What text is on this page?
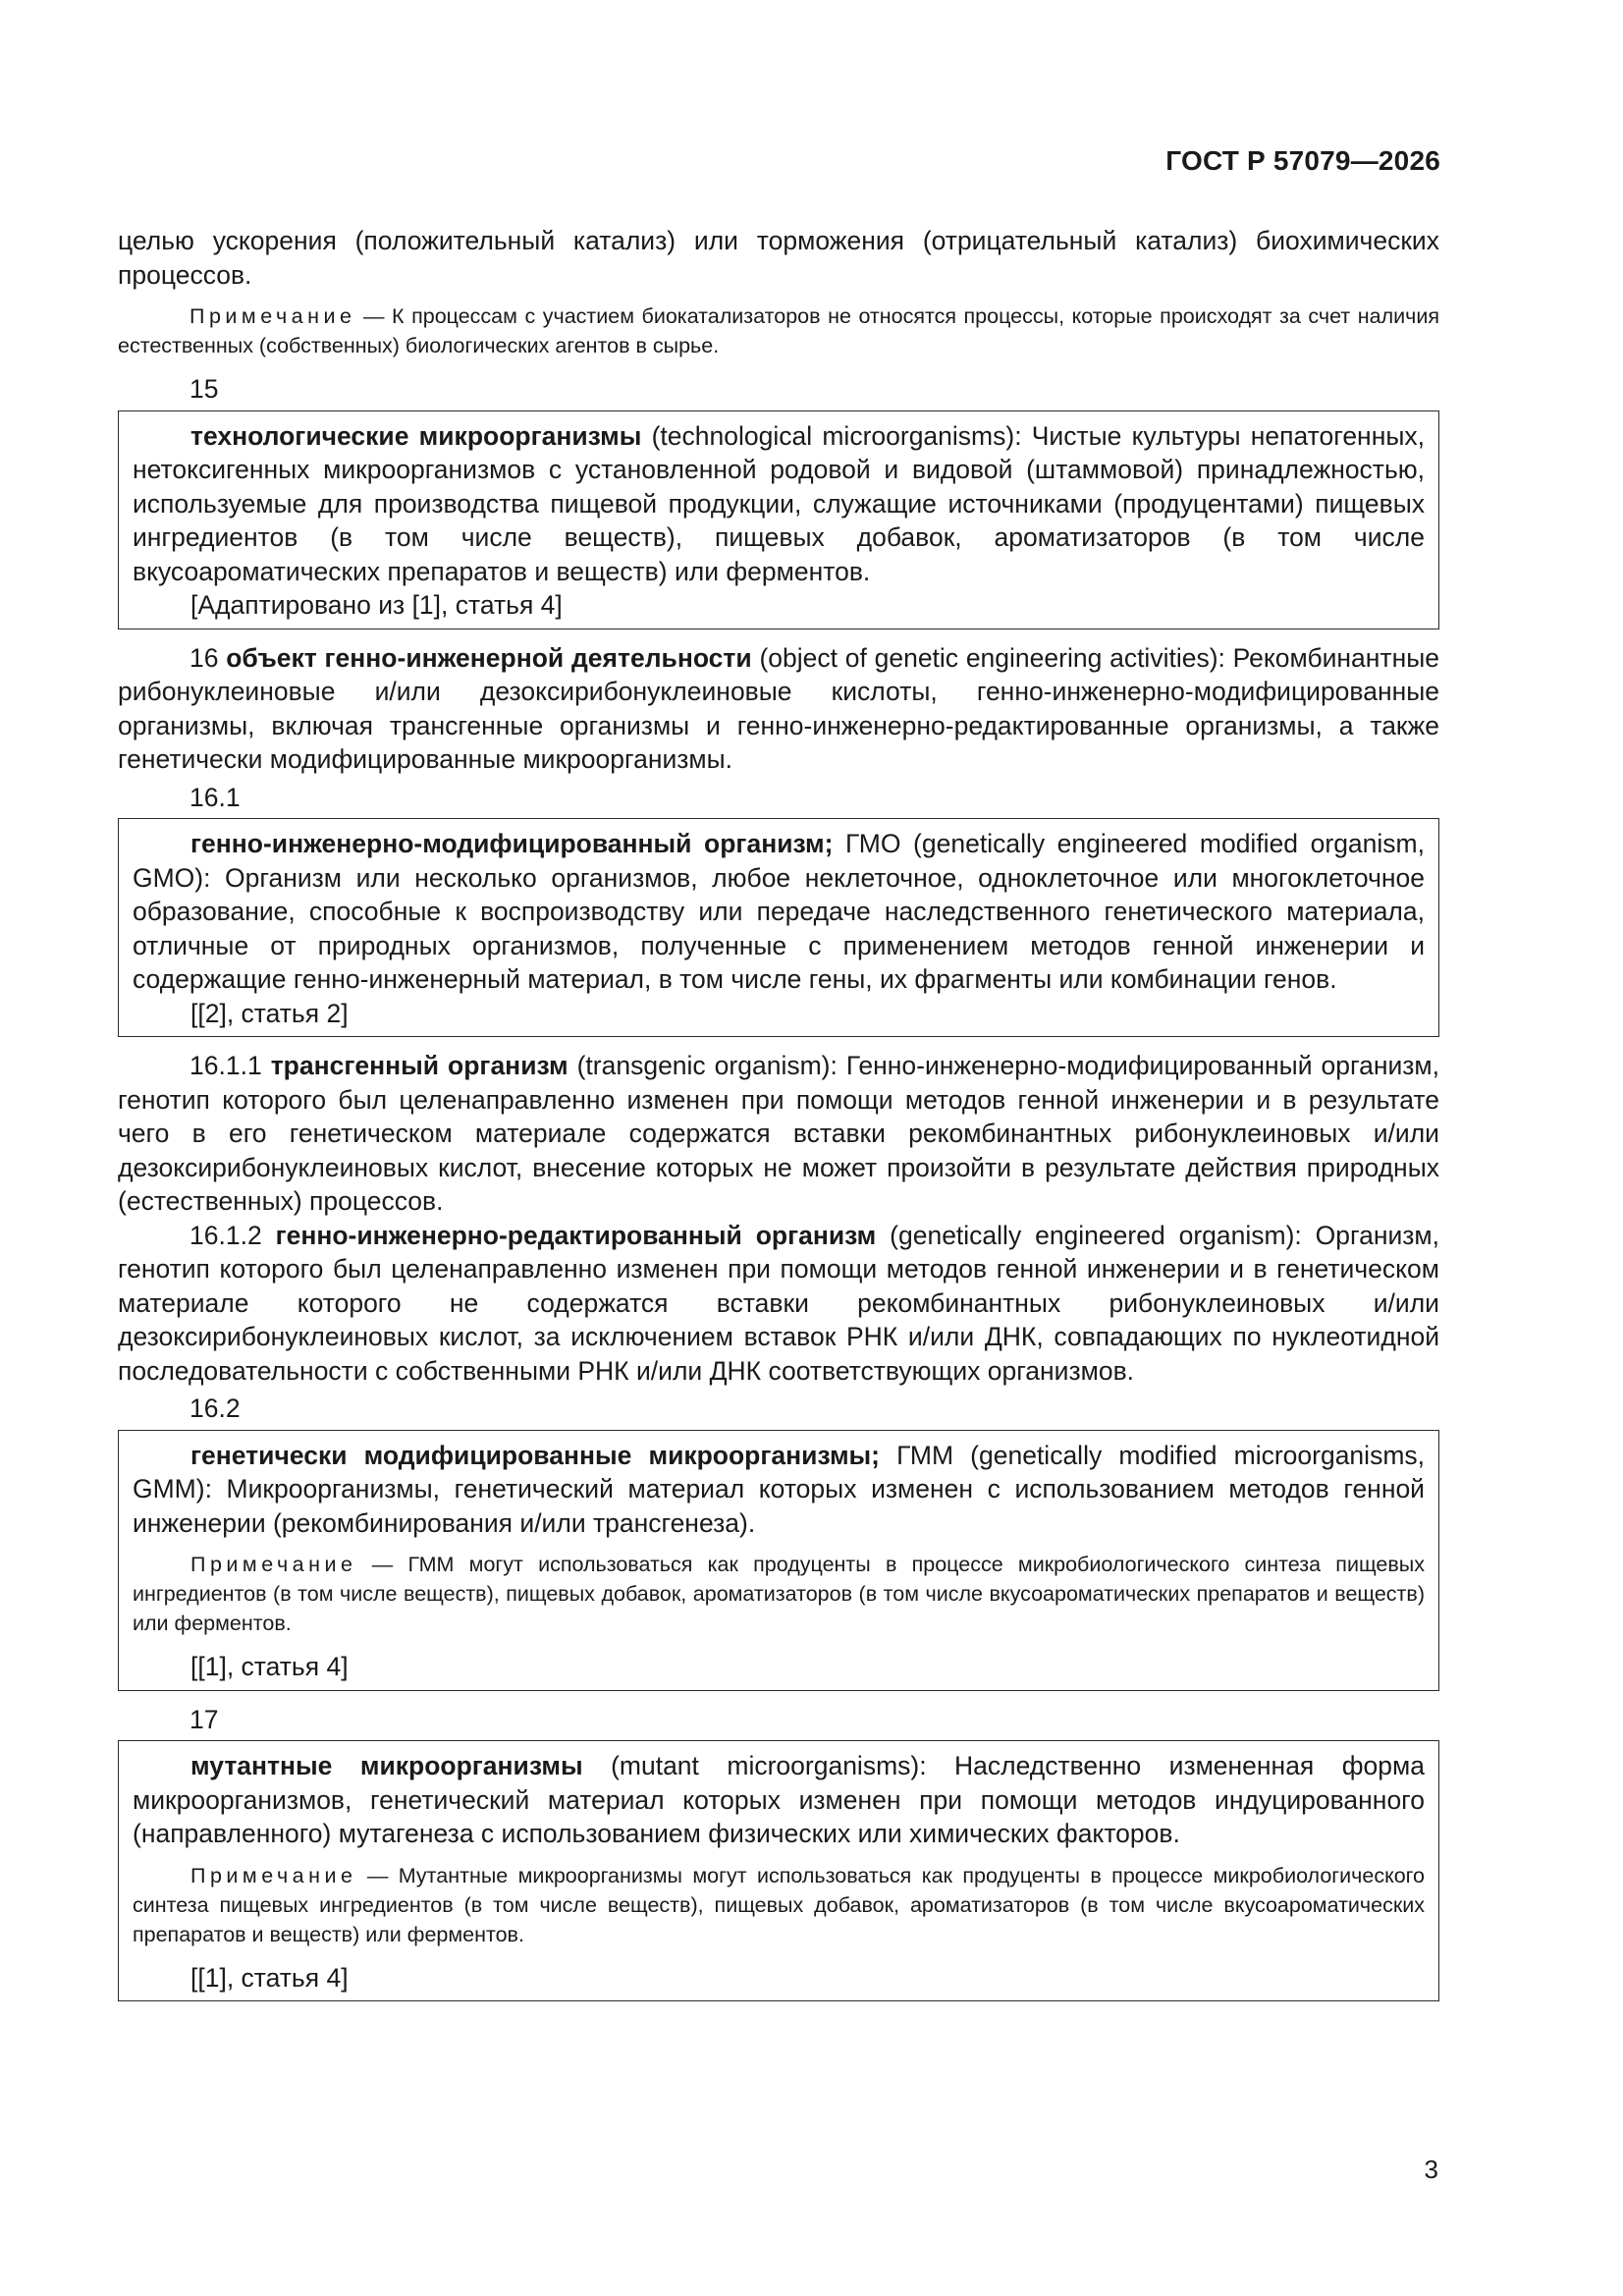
ГОСТ Р 57079—2026

целью ускорения (положительный катализ) или торможения (отрицательный катализ) биохимических процессов.

Примечание — К процессам с участием биокатализаторов не относятся процессы, которые происходят за счет наличия естественных (собственных) биологических агентов в сырье.
15

технологические микроорганизмы (technological microorganisms): Чистые культуры непатогенных, нетоксигенных микроорганизмов с установленной родовой и видовой (штаммовой) принадлежностью, используемые для производства пищевой продукции, служащие источниками (продуцентами) пищевых ингредиентов (в том числе веществ), пищевых добавок, ароматизаторов (в том числе вкусоароматических препаратов и веществ) или ферментов.

[Адаптировано из [1], статья 4]

16 объект генно-инженерной деятельности (object of genetic engineering activities): Рекомбинантные рибонуклеиновые и/или дезоксирибонуклеиновые кислоты, генно-инженерно-модифицированные организмы, включая трансгенные организмы и генно-инженерно-редактированные организмы, а также генетически модифицированные микроорганизмы.

16.1

генно-инженерно-модифицированный организм; ГМО (genetically engineered modified organism, GMO): Организм или несколько организмов, любое неклеточное, одноклеточное или многоклеточное образование, способные к воспроизводству или передаче наследственного генетического материала, отличные от природных организмов, полученные с применением методов генной инженерии и содержащие генно-инженерный материал, в том числе гены, их фрагменты или комбинации генов.

[[2], статья 2]

16.1.1 трансгенный организм (transgenic organism): Генно-инженерно-модифицированный организм, генотип которого был целенаправленно изменен при помощи методов генной инженерии и в результате чего в его генетическом материале содержатся вставки рекомбинантных рибонуклеиновых и/или дезоксирибонуклеиновых кислот, внесение которых не может произойти в результате действия природных (естественных) процессов.

16.1.2 генно-инженерно-редактированный организм (genetically engineered organism): Организм, генотип которого был целенаправленно изменен при помощи методов генной инженерии и в генетическом материале которого не содержатся вставки рекомбинантных рибонуклеиновых и/или дезоксирибонуклеиновых кислот, за исключением вставок РНК и/или ДНК, совпадающих по нуклеотидной последовательности с собственными РНК и/или ДНК соответствующих организмов.

16.2

генетически модифицированные микроорганизмы; ГММ (genetically modified microorganisms, GMM): Микроорганизмы, генетический материал которых изменен с использованием методов генной инженерии (рекомбинирования и/или трансгенеза).

Примечание — ГММ могут использоваться как продуценты в процессе микробиологического синтеза пищевых ингредиентов (в том числе веществ), пищевых добавок, ароматизаторов (в том числе вкусоароматических препаратов и веществ) или ферментов.

[[1], статья 4]

17

мутантные микроорганизмы (mutant microorganisms): Наследственно измененная форма микроорганизмов, генетический материал которых изменен при помощи методов индуцированного (направленного) мутагенеза с использованием физических или химических факторов.

Примечание — Мутантные микроорганизмы могут использоваться как продуценты в процессе микробиологического синтеза пищевых ингредиентов (в том числе веществ), пищевых добавок, ароматизаторов (в том числе вкусоароматических препаратов и веществ) или ферментов.

[[1], статья 4]

3
